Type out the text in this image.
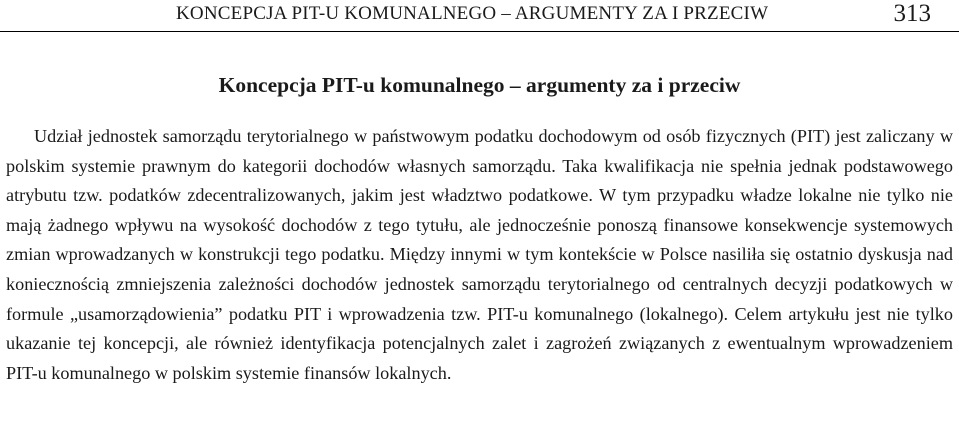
KONCEPCJA PIT-U KOMUNALNEGO – ARGUMENTY ZA I PRZECIW	313
Koncepcja PIT-u komunalnego – argumenty za i przeciw

Udział jednostek samorządu terytorialnego w państwowym podatku dochodowym od osób fizycznych (PIT) jest zaliczany w polskim systemie prawnym do kategorii dochodów własnych samorządu. Taka kwalifikacja nie spełnia jednak podstawowego atrybutu tzw. podatków zdecentralizowanych, jakim jest władztwo podatkowe. W tym przypadku władze lokalne nie tylko nie mają żadnego wpływu na wysokość dochodów z tego tytułu, ale jednocześnie ponoszą finansowe konsekwencje systemowych zmian wprowadzanych w konstrukcji tego podatku. Między innymi w tym kontekście w Polsce nasiliła się ostatnio dyskusja nad koniecznością zmniejszenia zależności dochodów jednostek samorządu terytorialnego od centralnych decyzji podatkowych w formule „usamorządowienia” podatku PIT i wprowadzenia tzw. PIT-u komunalnego (lokalnego). Celem artykułu jest nie tylko ukazanie tej koncepcji, ale również identyfikacja potencjalnych zalet i zagrożeń związanych z ewentualnym wprowadzeniem PIT-u komunalnego w polskim systemie finansów lokalnych.
